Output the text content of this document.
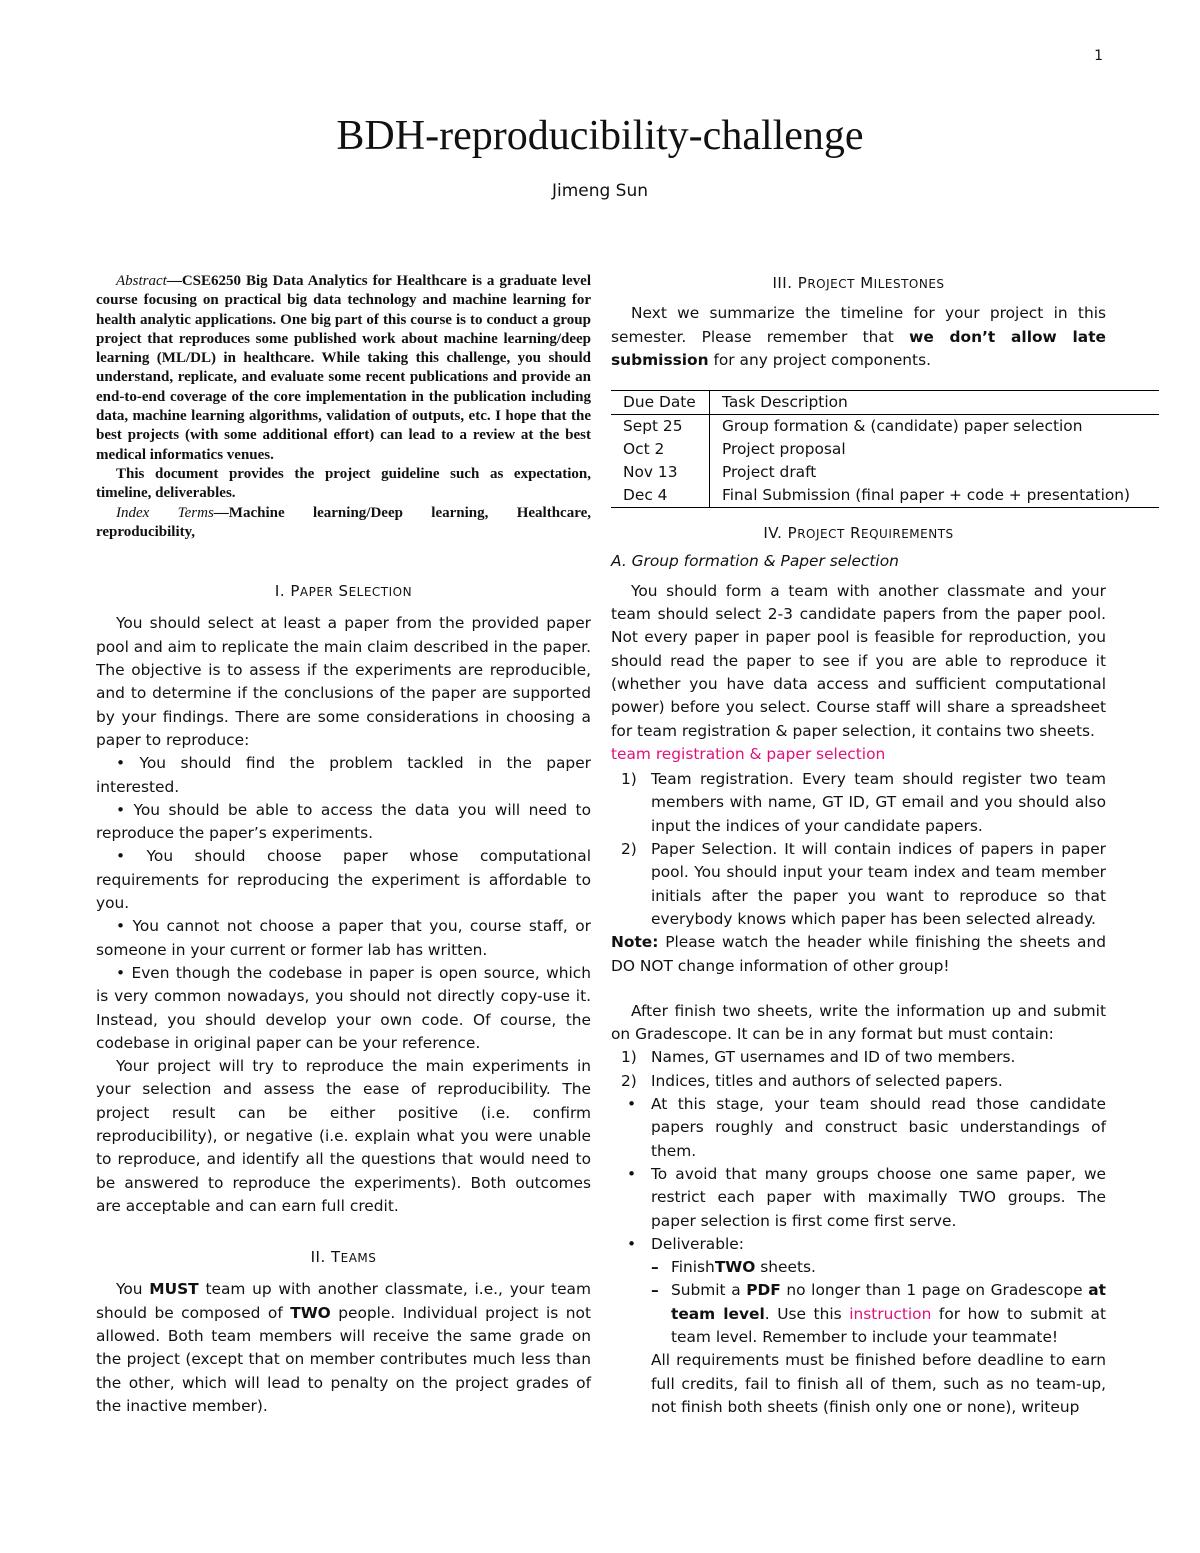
1
BDH-reproducibility-challenge
Jimeng Sun

Abstract—CSE6250 Big Data Analytics for Healthcare is a graduate level course focusing on practical big data technology and machine learning for health analytic applications. One big part of this course is to conduct a group project that reproduces some published work about machine learning/deep learning (ML/DL) in healthcare. While taking this challenge, you should understand, replicate, and evaluate some recent publications and provide an end-to-end coverage of the core implementation in the publication including data, machine learning algorithms, validation of outputs, etc. I hope that the best projects (with some additional effort) can lead to a review at the best medical informatics venues.

This document provides the project guideline such as expectation, timeline, deliverables.

Index Terms—Machine learning/Deep learning, Healthcare, reproducibility,

I. PAPER SELECTION

You should select at least a paper from the provided paper pool and aim to replicate the main claim described in the paper. The objective is to assess if the experiments are reproducible, and to determine if the conclusions of the paper are supported by your findings. There are some considerations in choosing a paper to reproduce:

• You should find the problem tackled in the paper interested.

• You should be able to access the data you will need to reproduce the paper’s experiments.

• You should choose paper whose computational requirements for reproducing the experiment is affordable to you.

• You cannot not choose a paper that you, course staff, or someone in your current or former lab has written.

• Even though the codebase in paper is open source, which is very common nowadays, you should not directly copy-use it. Instead, you should develop your own code. Of course, the codebase in original paper can be your reference.

Your project will try to reproduce the main experiments in your selection and assess the ease of reproducibility. The project result can be either positive (i.e. confirm reproducibility), or negative (i.e. explain what you were unable to reproduce, and identify all the questions that would need to be answered to reproduce the experiments). Both outcomes are acceptable and can earn full credit.

II. TEAMS

You MUST team up with another classmate, i.e., your team should be composed of TWO people. Individual project is not allowed. Both team members will receive the same grade on the project (except that on member contributes much less than the other, which will lead to penalty on the project grades of the inactive member).

III. PROJECT MILESTONES

Next we summarize the timeline for your project in this semester. Please remember that we don’t allow late submission for any project components.

Due Date	Task Description
Sept 25	Group formation & (candidate) paper selection
Oct 2	Project proposal
Nov 13	Project draft
Dec 4	Final Submission (final paper + code + presentation)
IV. PROJECT REQUIREMENTS
A. Group formation & Paper selection

You should form a team with another classmate and your team should select 2-3 candidate papers from the paper pool. Not every paper in paper pool is feasible for reproduction, you should read the paper to see if you are able to reproduce it (whether you have data access and sufficient computational power) before you select. Course staff will share a spreadsheet for team registration & paper selection, it contains two sheets.

team registration & paper selection

1) Team registration. Every team should register two team members with name, GT ID, GT email and you should also input the indices of your candidate papers.
2) Paper Selection. It will contain indices of papers in paper pool. You should input your team index and team member initials after the paper you want to reproduce so that everybody knows which paper has been selected already.

Note: Please watch the header while finishing the sheets and DO NOT change information of other group!

After finish two sheets, write the information up and submit on Gradescope. It can be in any format but must contain:

1) Names, GT usernames and ID of two members.
2) Indices, titles and authors of selected papers.
• At this stage, your team should read those candidate papers roughly and construct basic understandings of them.
• To avoid that many groups choose one same paper, we restrict each paper with maximally TWO groups. The paper selection is first come first serve.
• Deliverable:
– FinishTWO sheets.
– Submit a PDF no longer than 1 page on Gradescope at team level. Use this instruction for how to submit at team level. Remember to include your teammate!

All requirements must be finished before deadline to earn full credits, fail to finish all of them, such as no team-up, not finish both sheets (finish only one or none), writeup
